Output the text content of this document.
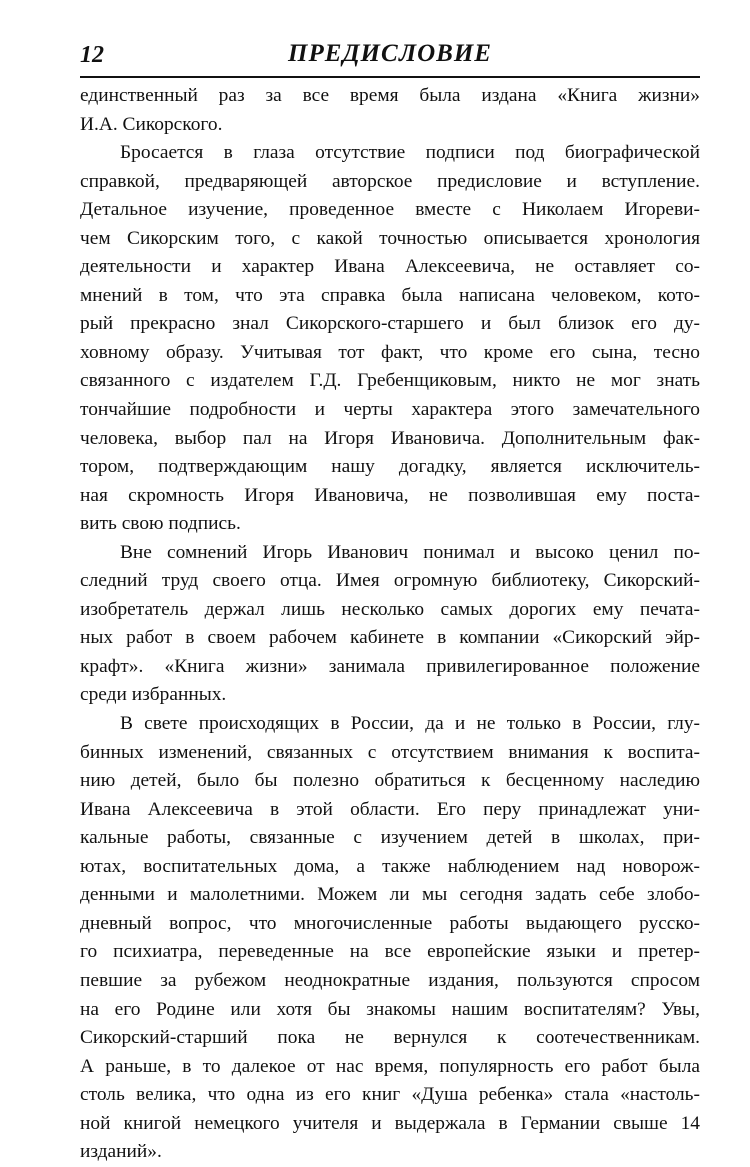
12	ПРЕДИСЛОВИЕ
единственный раз за все время была издана «Книга жизни»
И.А. Сикорского.
Бросается в глаза отсутствие подписи под биографической
справкой, предваряющей авторское предисловие и вступление.
Детальное изучение, проведенное вместе с Николаем Игореви-
чем Сикорским того, с какой точностью описывается хронология
деятельности и характер Ивана Алексеевича, не оставляет со-
мнений в том, что эта справка была написана человеком, кото-
рый прекрасно знал Сикорского-старшего и был близок его ду-
ховному образу. Учитывая тот факт, что кроме его сына, тесно
связанного с издателем Г.Д. Гребенщиковым, никто не мог знать
тончайшие подробности и черты характера этого замечательного
человека, выбор пал на Игоря Ивановича. Дополнительным фак-
тором, подтверждающим нашу догадку, является исключитель-
ная скромность Игоря Ивановича, не позволившая ему поста-
вить свою подпись.
Вне сомнений Игорь Иванович понимал и высоко ценил по-
следний труд своего отца. Имея огромную библиотеку, Сикорский-
изобретатель держал лишь несколько самых дорогих ему печата-
ных работ в своем рабочем кабинете в компании «Сикорский эйр-
крафт». «Книга жизни» занимала привилегированное положение
среди избранных.
В свете происходящих в России, да и не только в России, глу-
бинных изменений, связанных с отсутствием внимания к воспита-
нию детей, было бы полезно обратиться к бесценному наследию
Ивана Алексеевича в этой области. Его перу принадлежат уни-
кальные работы, связанные с изучением детей в школах, при-
ютах, воспитательных дома, а также наблюдением над новорож-
денными и малолетними. Можем ли мы сегодня задать себе злобо-
дневный вопрос, что многочисленные работы выдающего русско-
го психиатра, переведенные на все европейские языки и претер-
певшие за рубежом неоднократные издания, пользуются спросом
на его Родине или хотя бы знакомы нашим воспитателям? Увы,
Сикорский-старший пока не вернулся к соотечественникам.
А раньше, в то далекое от нас время, популярность его работ была
столь велика, что одна из его книг «Душа ребенка» стала «настоль-
ной книгой немецкого учителя и выдержала в Германии свыше 14
изданий».
